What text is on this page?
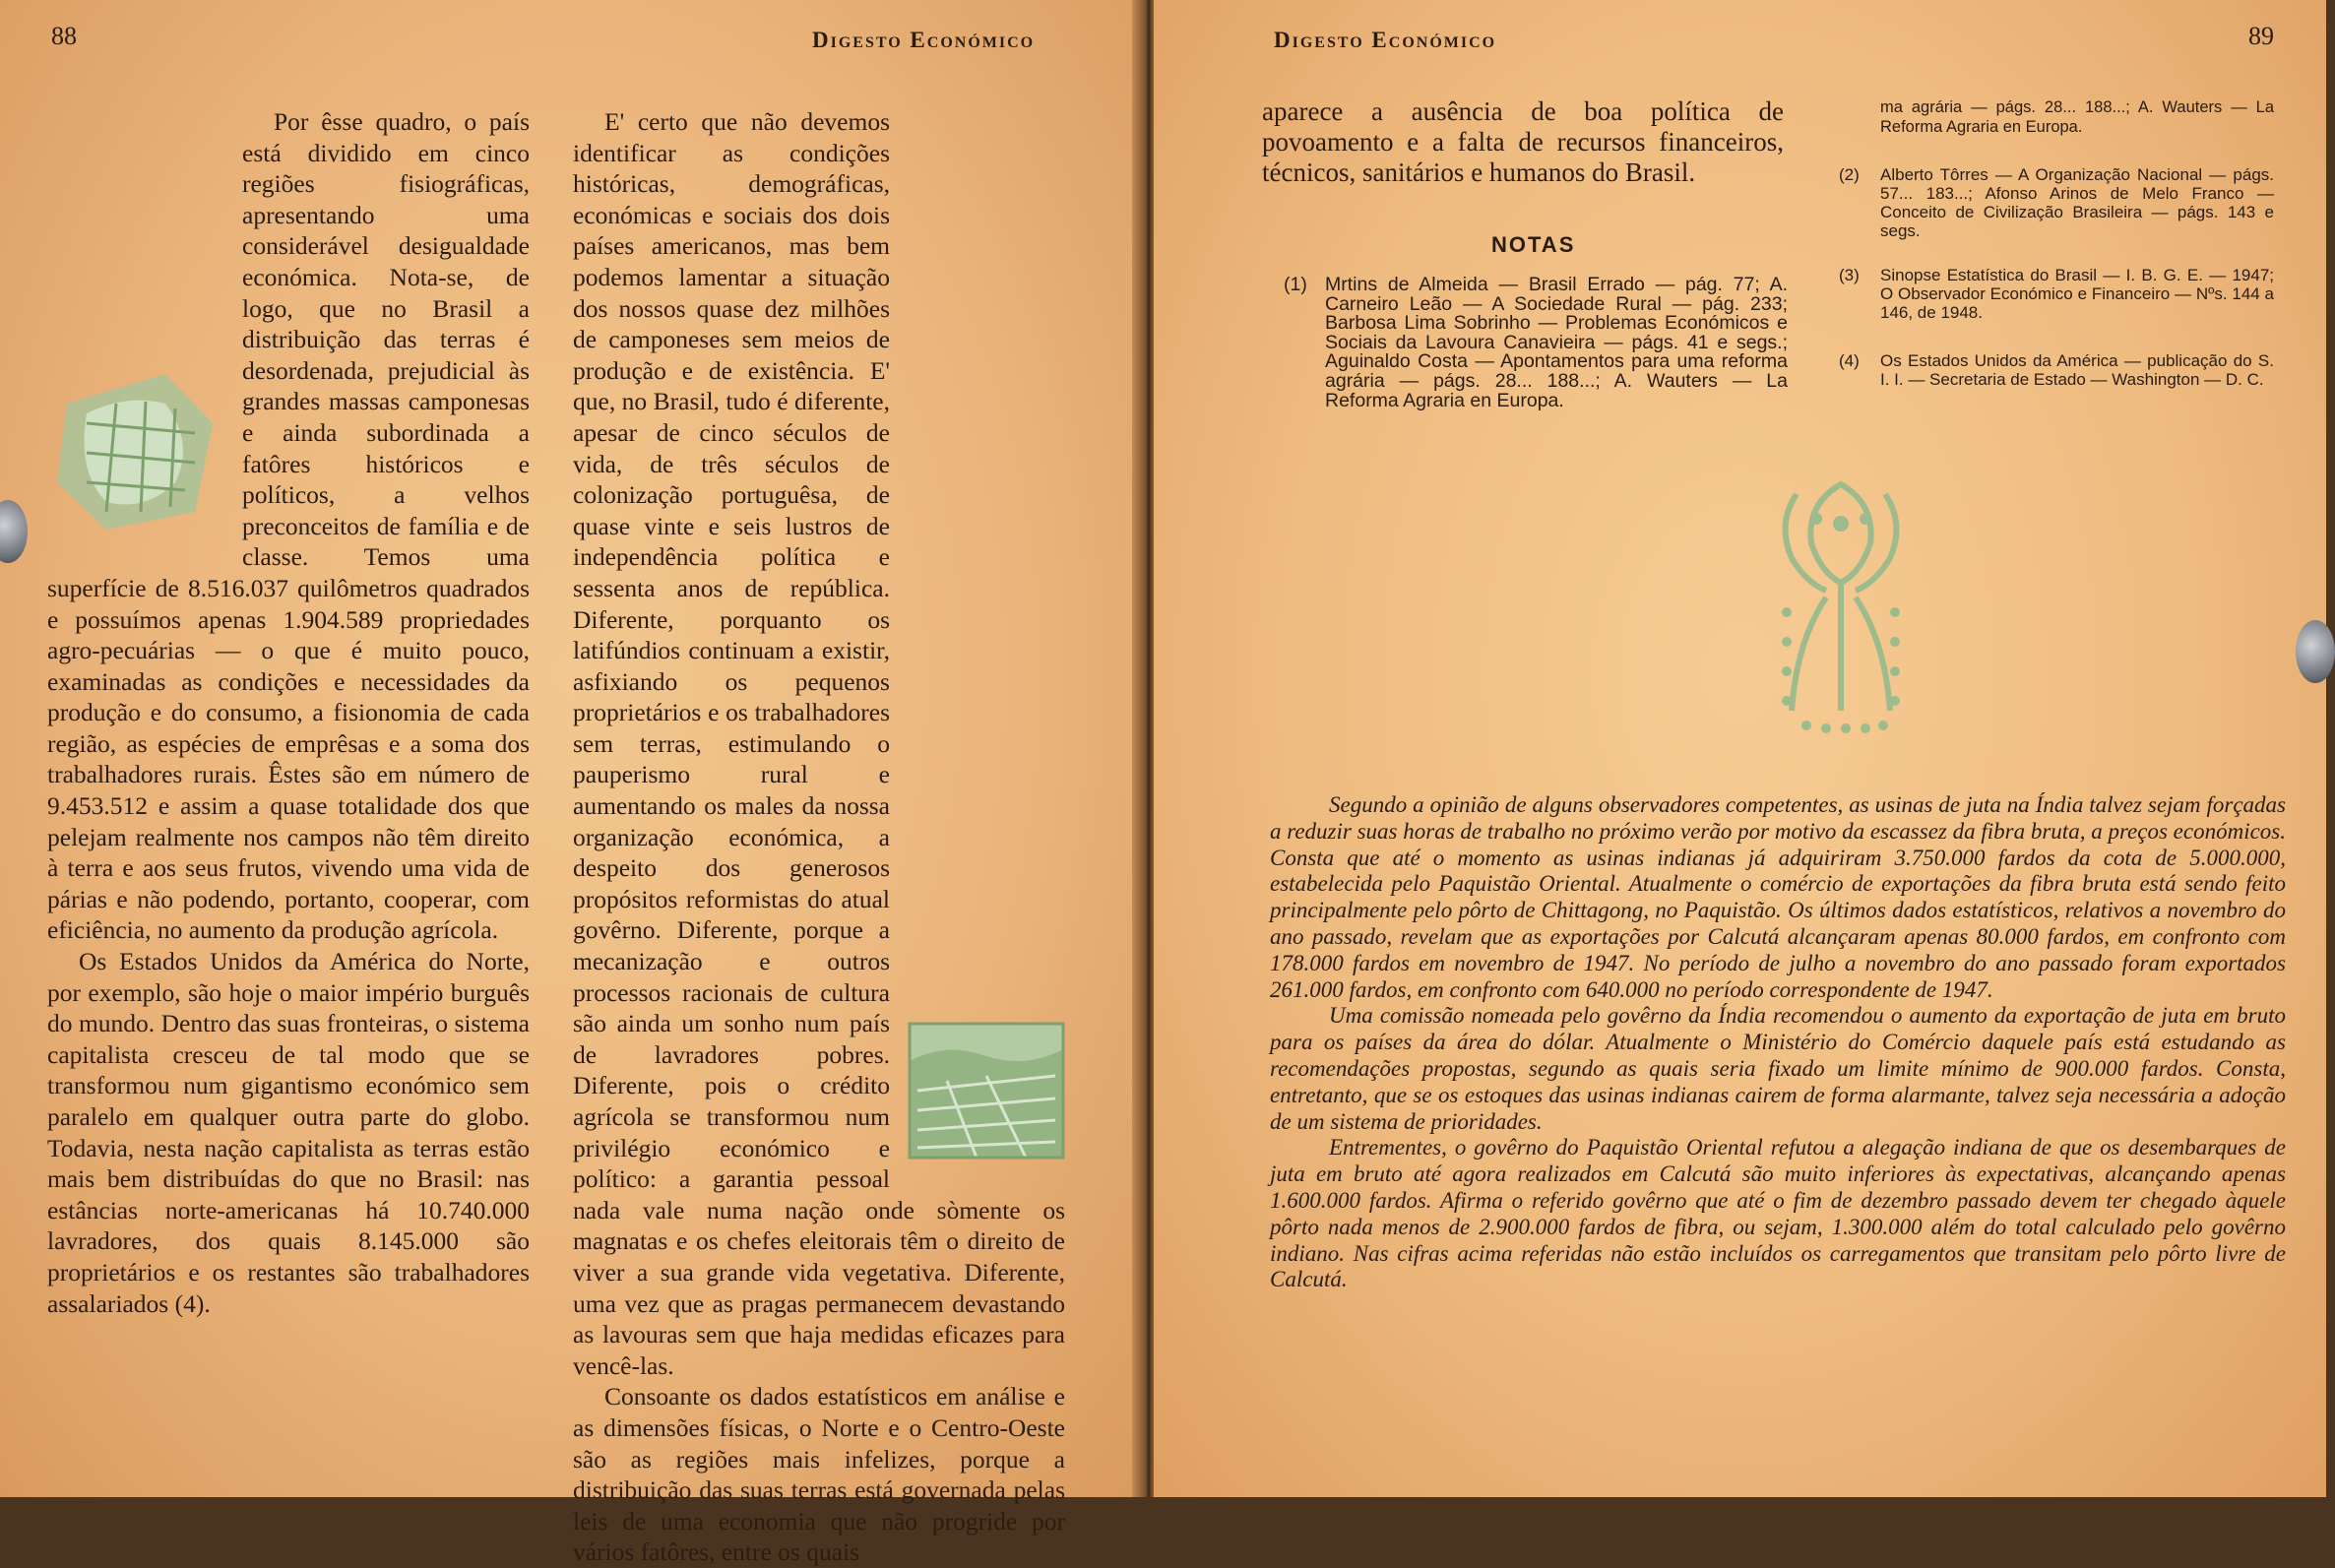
88	Digesto Económico

Por êsse quadro, o país está dividido em cinco regiões fisiográficas, apresentando uma considerável desigualdade económica. Nota-se, de logo, que no Brasil a distribuição das terras é desordenada, prejudicial às grandes massas camponesas e ainda subordinada a fatôres históricos e políticos, a velhos preconceitos de família e de classe. Temos uma superfície de 8.516.037 quilômetros quadrados e possuímos apenas 1.904.589 propriedades agro-pecuárias — o que é muito pouco, examinadas as condições e necessidades da produção e do consumo, a fisionomia de cada região, as espécies de emprêsas e a soma dos trabalhadores rurais. Êstes são em número de 9.453.512 e assim a quase totalidade dos que pelejam realmente nos campos não têm direito à terra e aos seus frutos, vivendo uma vida de párias e não podendo, portanto, cooperar, com eficiência, no aumento da produção agrícola.

Os Estados Unidos da América do Norte, por exemplo, são hoje o maior império burguês do mundo. Dentro das suas fronteiras, o sistema capitalista cresceu de tal modo que se transformou num gigantismo económico sem paralelo em qualquer outra parte do globo. Todavia, nesta nação capitalista as terras estão mais bem distribuídas do que no Brasil: nas estâncias norte-americanas há 10.740.000 lavradores, dos quais 8.145.000 são proprietários e os restantes são trabalhadores assalariados (4).

E' certo que não devemos identificar as condições históricas, demográficas, económicas e sociais dos dois países americanos, mas bem podemos lamentar a situação dos nossos quase dez milhões de camponeses sem meios de produção e de existência. E' que, no Brasil, tudo é diferente, apesar de cinco séculos de vida, de três séculos de colonização portuguêsa, de quase vinte e seis lustros de independência política e sessenta anos de república. Diferente, porquanto os latifúndios continuam a existir, asfixiando os pequenos proprietários e os trabalhadores sem terras, estimulando o pauperismo rural e aumentando os males da nossa organização económica, a despeito dos generosos propósitos reformistas do atual govêrno. Diferente, porque a mecanização e outros processos racionais de cultura são ainda um sonho num país de lavradores pobres. Diferente, pois o crédito agrícola se transformou num privilégio económico e político: a garantia pessoal nada vale numa nação onde sòmente os magnatas e os chefes eleitorais têm o direito de viver a sua grande vida vegetativa. Diferente, uma vez que as pragas permanecem devastando as lavouras sem que haja medidas eficazes para vencê-las.

Consoante os dados estatísticos em análise e as dimensões físicas, o Norte e o Centro-Oeste são as regiões mais infelizes, porque a distribuição das suas terras está governada pelas leis de uma economia que não progride por vários fatôres, entre os quais

Digesto Económico	89

aparece a ausência de boa política de povoamento e a falta de recursos financeiros, técnicos, sanitários e humanos do Brasil.

NOTAS
(1) Mrtins de Almeida — Brasil Errado — pág. 77; A. Carneiro Leão — A Sociedade Rural — pág. 233; Barbosa Lima Sobrinho — Problemas Económicos e Sociais da Lavoura Canavieira — págs. 41 e segs.; Aguinaldo Costa — Apontamentos para uma reforma agrária — págs. 28... 188...; A. Wauters — La Reforma Agraria en Europa.
ma agrária — págs. 28... 188...; A. Wauters — La Reforma Agraria en Europa.
(2) Alberto Tôrres — A Organização Nacional — págs. 57... 183...; Afonso Arinos de Melo Franco — Conceito de Civilização Brasileira — págs. 143 e segs.
(3) Sinopse Estatística do Brasil — I. B. G. E. — 1947; O Observador Económico e Financeiro — Nºs. 144 a 146, de 1948.
(4) Os Estados Unidos da América — publicação do S. I. I. — Secretaria de Estado — Washington — D. C.

Segundo a opinião de alguns observadores competentes, as usinas de juta na Índia talvez sejam forçadas a reduzir suas horas de trabalho no próximo verão por motivo da escassez da fibra bruta, a preços económicos. Consta que até o momento as usinas indianas já adquiriram 3.750.000 fardos da cota de 5.000.000, estabelecida pelo Paquistão Oriental. Atualmente o comércio de exportações da fibra bruta está sendo feito principalmente pelo pôrto de Chittagong, no Paquistão. Os últimos dados estatísticos, relativos a novembro do ano passado, revelam que as exportações por Calcutá alcançaram apenas 80.000 fardos, em confronto com 178.000 fardos em novembro de 1947. No período de julho a novembro do ano passado foram exportados 261.000 fardos, em confronto com 640.000 no período correspondente de 1947.

Uma comissão nomeada pelo govêrno da Índia recomendou o aumento da exportação de juta em bruto para os países da área do dólar. Atualmente o Ministério do Comércio daquele país está estudando as recomendações propostas, segundo as quais seria fixado um limite mínimo de 900.000 fardos. Consta, entretanto, que se os estoques das usinas indianas cairem de forma alarmante, talvez seja necessária a adoção de um sistema de prioridades.

Entrementes, o govêrno do Paquistão Oriental refutou a alegação indiana de que os desembarques de juta em bruto até agora realizados em Calcutá são muito inferiores às expectativas, alcançando apenas 1.600.000 fardos. Afirma o referido govêrno que até o fim de dezembro passado devem ter chegado àquele pôrto nada menos de 2.900.000 fardos de fibra, ou sejam, 1.300.000 além do total calculado pelo govêrno indiano. Nas cifras acima referidas não estão incluídos os carregamentos que transitam pelo pôrto livre de Calcutá.
